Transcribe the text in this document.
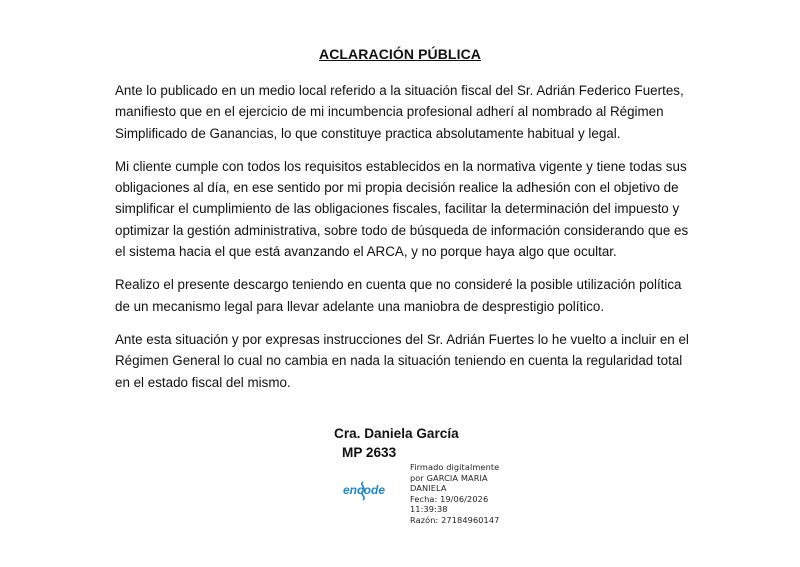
ACLARACIÓN PÚBLICA

Ante lo publicado en un medio local referido a la situación fiscal del Sr. Adrián Federico Fuertes, manifiesto que en el ejercicio de mi incumbencia profesional adherí al nombrado al Régimen Simplificado de Ganancias, lo que constituye practica absolutamente habitual y legal.

Mi cliente cumple con todos los requisitos establecidos en la normativa vigente y tiene todas sus obligaciones al día, en ese sentido por mi propia decisión realice la adhesión con el objetivo de simplificar el cumplimiento de las obligaciones fiscales, facilitar la determinación del impuesto y optimizar la gestión administrativa, sobre todo de búsqueda de información considerando que es el sistema hacia el que está avanzando el ARCA, y no porque haya algo que ocultar.

Realizo el presente descargo teniendo en cuenta que no consideré la posible utilización política de un mecanismo legal para llevar adelante una maniobra de desprestigio político.

Ante esta situación y por expresas instrucciones del Sr. Adrián Fuertes lo he vuelto a incluir en el Régimen General lo cual no cambia en nada la situación teniendo en cuenta la regularidad total en el estado fiscal del mismo.

Cra. Daniela García
MP 2633
encode
Firmado digitalmente
por GARCIA MARIA
DANIELA
Fecha: 19/06/2026
11:39:38
Razón: 27184960147
